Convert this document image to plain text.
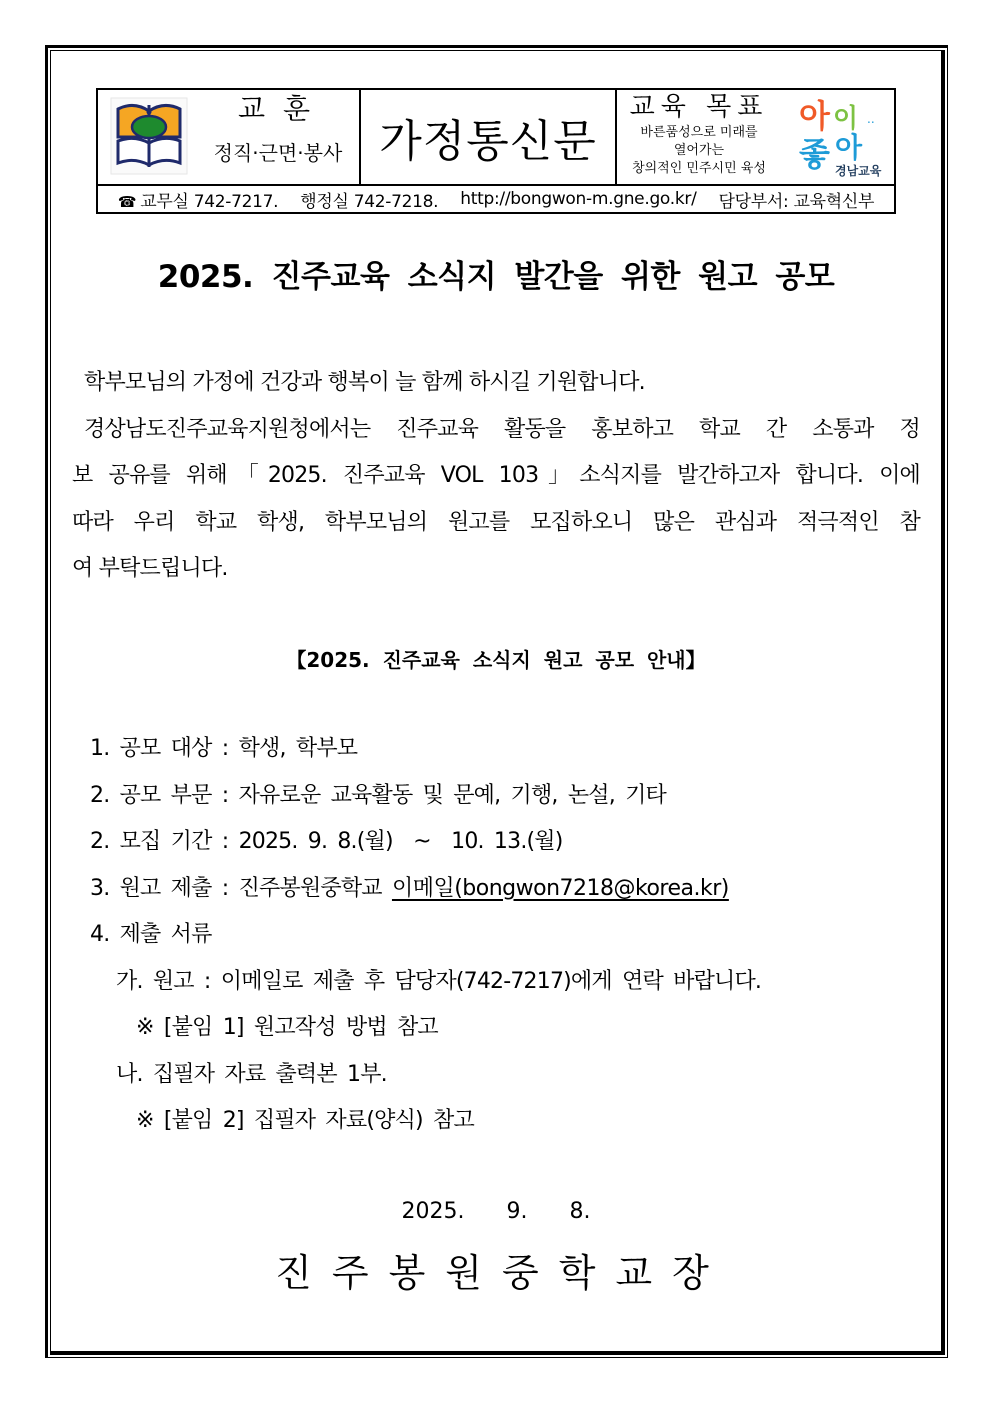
교훈
정직·근면·봉사 가정통신문
교육 목표
바른품성으로 미래를
열어가는
창의적인 민주시민 육성
아 이 ..
좋 아
경남교육
☎ 교무실 742-7217. 행정실 742-7218. http://bongwon-m.gne.go.kr/ 담당부서: 교육혁신부
2025. 진주교육 소식지 발간을 위한 원고 공모

학부모님의 가정에 건강과 행복이 늘 함께 하시길 기원합니다.

경상남도진주교육지원청에서는 진주교육 활동을 홍보하고 학교 간 소통과 정
보 공유를 위해「2025. 진주교육 VOL 103」소식지를 발간하고자 합니다. 이에
따라 우리 학교 학생, 학부모님의 원고를 모집하오니 많은 관심과 적극적인 참
여 부탁드립니다.

【2025. 진주교육 소식지 원고 공모 안내】
1. 공모 대상 : 학생, 학부모
2. 공모 부문 : 자유로운 교육활동 및 문예, 기행, 논설, 기타
2. 모집 기간 : 2025. 9. 8.(월)  ~  10. 13.(월)
3. 원고 제출 : 진주봉원중학교 이메일(bongwon7218@korea.kr)
4. 제출 서류
가. 원고 : 이메일로 제출 후 담당자(742-7217)에게 연락 바랍니다.
※ [붙임 1] 원고작성 방법 참고
나. 집필자 자료 출력본 1부.
※ [붙임 2] 집필자 자료(양식) 참고
2025.  9.  8.
진주봉원중학교장
